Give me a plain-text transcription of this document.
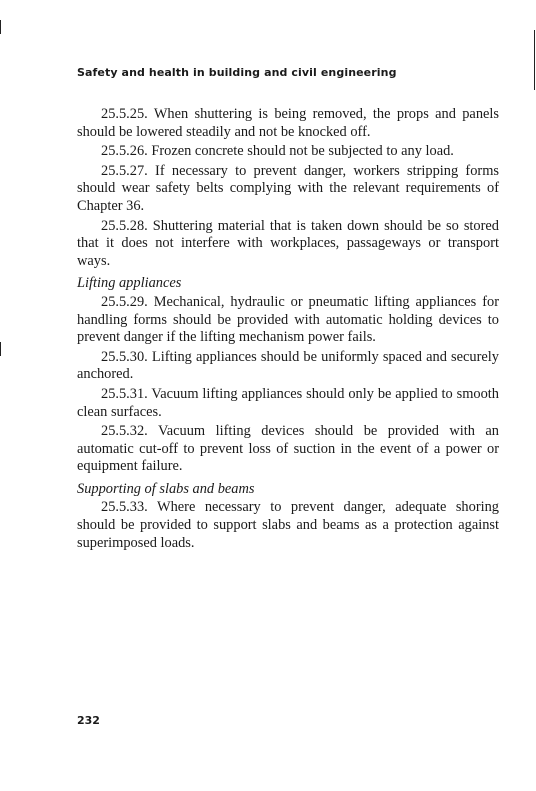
Safety and health in building and civil engineering

25.5.25. When shuttering is being removed, the props and panels should be lowered steadily and not be knocked off.

25.5.26. Frozen concrete should not be subjected to any load.

25.5.27. If necessary to prevent danger, workers stripping forms should wear safety belts complying with the relevant requirements of Chapter 36.

25.5.28. Shuttering material that is taken down should be so stored that it does not interfere with workplaces, passageways or transport ways.

Lifting appliances

25.5.29. Mechanical, hydraulic or pneumatic lifting appliances for handling forms should be provided with automatic holding devices to prevent danger if the lifting mechanism power fails.

25.5.30. Lifting appliances should be uniformly spaced and securely anchored.

25.5.31. Vacuum lifting appliances should only be applied to smooth clean surfaces.

25.5.32. Vacuum lifting devices should be provided with an automatic cut-off to prevent loss of suction in the event of a power or equipment failure.

Supporting of slabs and beams

25.5.33. Where necessary to prevent danger, adequate shoring should be provided to support slabs and beams as a protection against superimposed loads.

232
